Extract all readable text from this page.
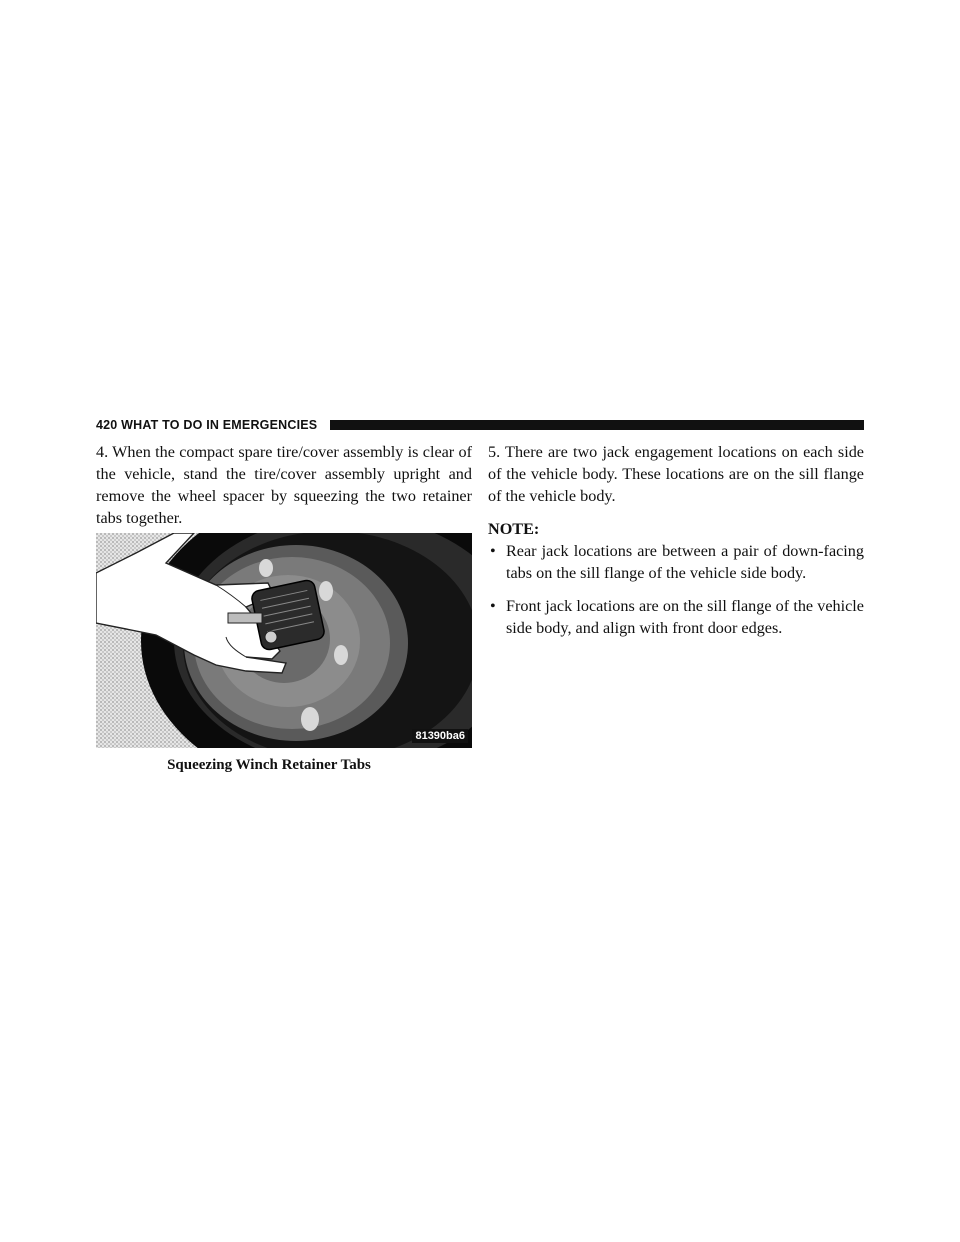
420 WHAT TO DO IN EMERGENCIES

4. When the compact spare tire/cover assembly is clear of the vehicle, stand the tire/cover assembly upright and remove the wheel spacer by squeezing the two retainer tabs together.

81390ba6
Squeezing Winch Retainer Tabs

5. There are two jack engagement locations on each side of the vehicle body. These locations are on the sill flange of the vehicle body.

NOTE:

• Rear jack locations are between a pair of down-facing tabs on the sill flange of the vehicle side body.
• Front jack locations are on the sill flange of the vehicle side body, and align with front door edges.
